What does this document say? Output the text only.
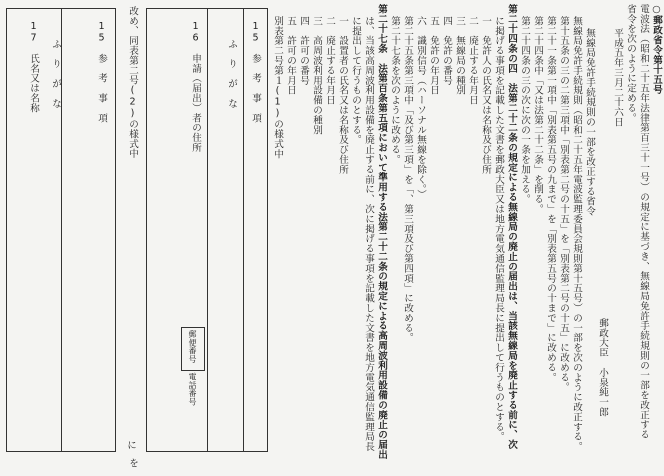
○郵政省令第十五号
電波法（昭和二十五年法律第百三十一号）の規定に基づき、無線局免許手続規則の一部を改正する
省令を次のように定める。
平成五年三月二十六日
郵政大臣　小泉純一郎
無線局免許手続規則の一部を改正する省令
無線局免許手続規則（昭和二十五年電波監理委員会規則第十五号）の一部を次のように改正する。
第十五条の三の二第三項中「別表第二号の十五」を「別表第二号の十五」に改める。
第二十一条第一項中「別表第五号の九まで」を「別表第五号の十まで」に改める。
第二十四条中「又は法第二十二条」を削る。
第二十四条の三の次に次の一条を加える。
第二十四条の四　法第二十二条の規定による無線局の廃止の届出は、当該無線局を廃止する前に、次
に掲げる事項を記載した文書を郵政大臣又は地方電気通信監理局長に提出して行うものとする。
一　免許人の氏名又は名称及び住所
二　廃止する年月日
三　無線局の種別
四　免許の番号
五　免許の年月日
六　識別信号（ハーソナル無線を除く。）
第二十五条第三項中「及び第三項」を「、第三項及び第四項」に改める。
第二十七条を次のように改める。
第二十七条　法第百条第五項において準用する法第二十二条の規定による高周波利用設備の廃止の届出
は、当該高周波利用設備を廃止する前に、次に掲げる事項を記載した文書を地方電気通信監理局長
に提出して行うものとする。
一　設置者の氏名又は名称及び住所
二　廃止する年月日
三　高周波利用設備の種別
四　許可の番号
五　許可の年月日
別表第二号第１(1)の様式中
15　参　考　事　項
ふ　り　が　な
16　申請（届出）者の住所
郵便番号 電話番号
改め、同表第二号(2)の様式中
を
に
15　参　考　事　項
ふ　り　が　な
17　氏名又は名称
